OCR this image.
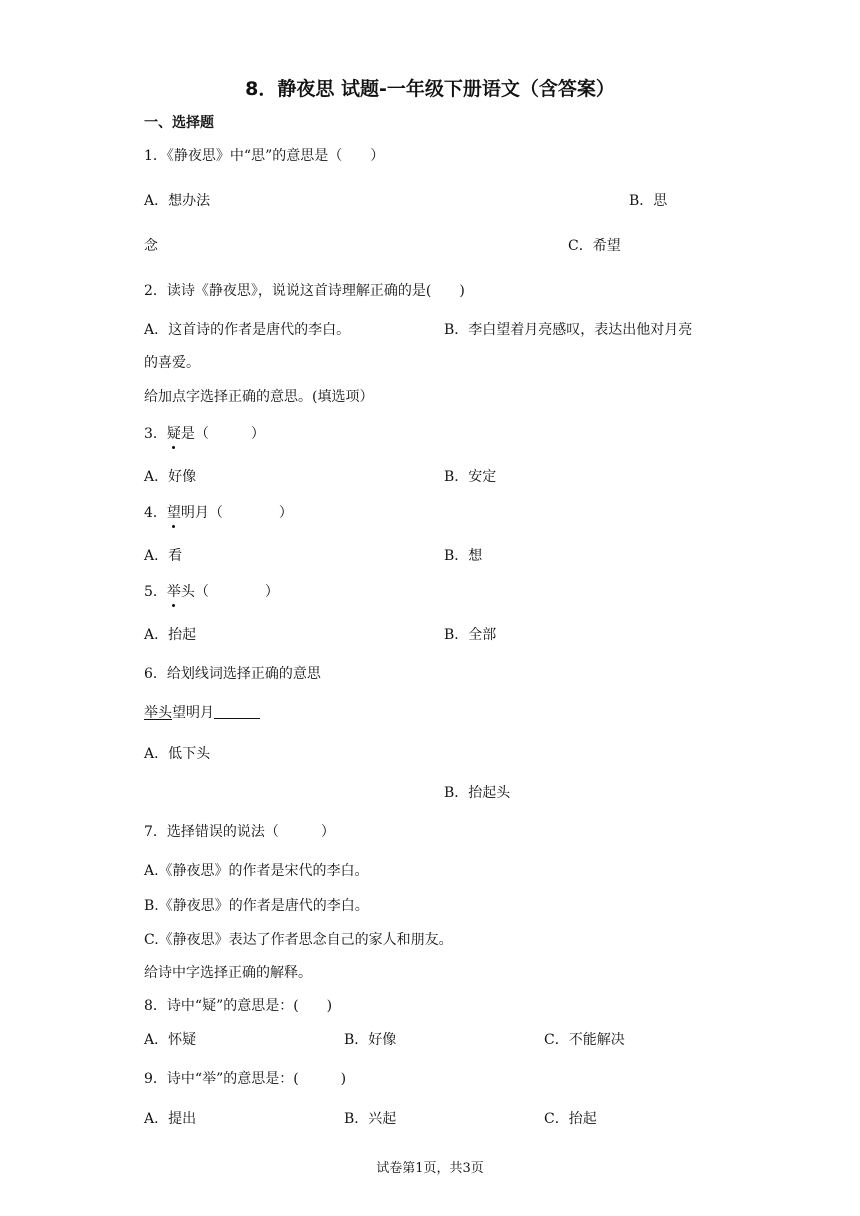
8．静夜思 试题-一年级下册语文（含答案）
一、选择题
1．《静夜思》中“思”的意思是（　　）
A．想办法	B．思
念	C．希望
2．读诗《静夜思》，说说这首诗理解正确的是(　　)
A．这首诗的作者是唐代的李白。	B．李白望着月亮感叹，表达出他对月亮
的喜爱。
给加点字选择正确的意思。(填选项）
3．疑是（　　　）
A．好像	B．安定
4．望明月（　　　　）
A．看	B．想
5．举头（　　　　）
A．抬起	B．全部
6．给划线词选择正确的意思
举头望明月
A．低下头
B．抬起头
7．选择错误的说法（　　　）
A.《静夜思》的作者是宋代的李白。
B.《静夜思》的作者是唐代的李白。
C.《静夜思》表达了作者思念自己的家人和朋友。
给诗中字选择正确的解释。
8．诗中“疑”的意思是：(　　)
A．怀疑	B．好像	C．不能解决
9．诗中“举”的意思是：(　　　)
A．提出	B．兴起	C．抬起
试卷第1页，共3页
